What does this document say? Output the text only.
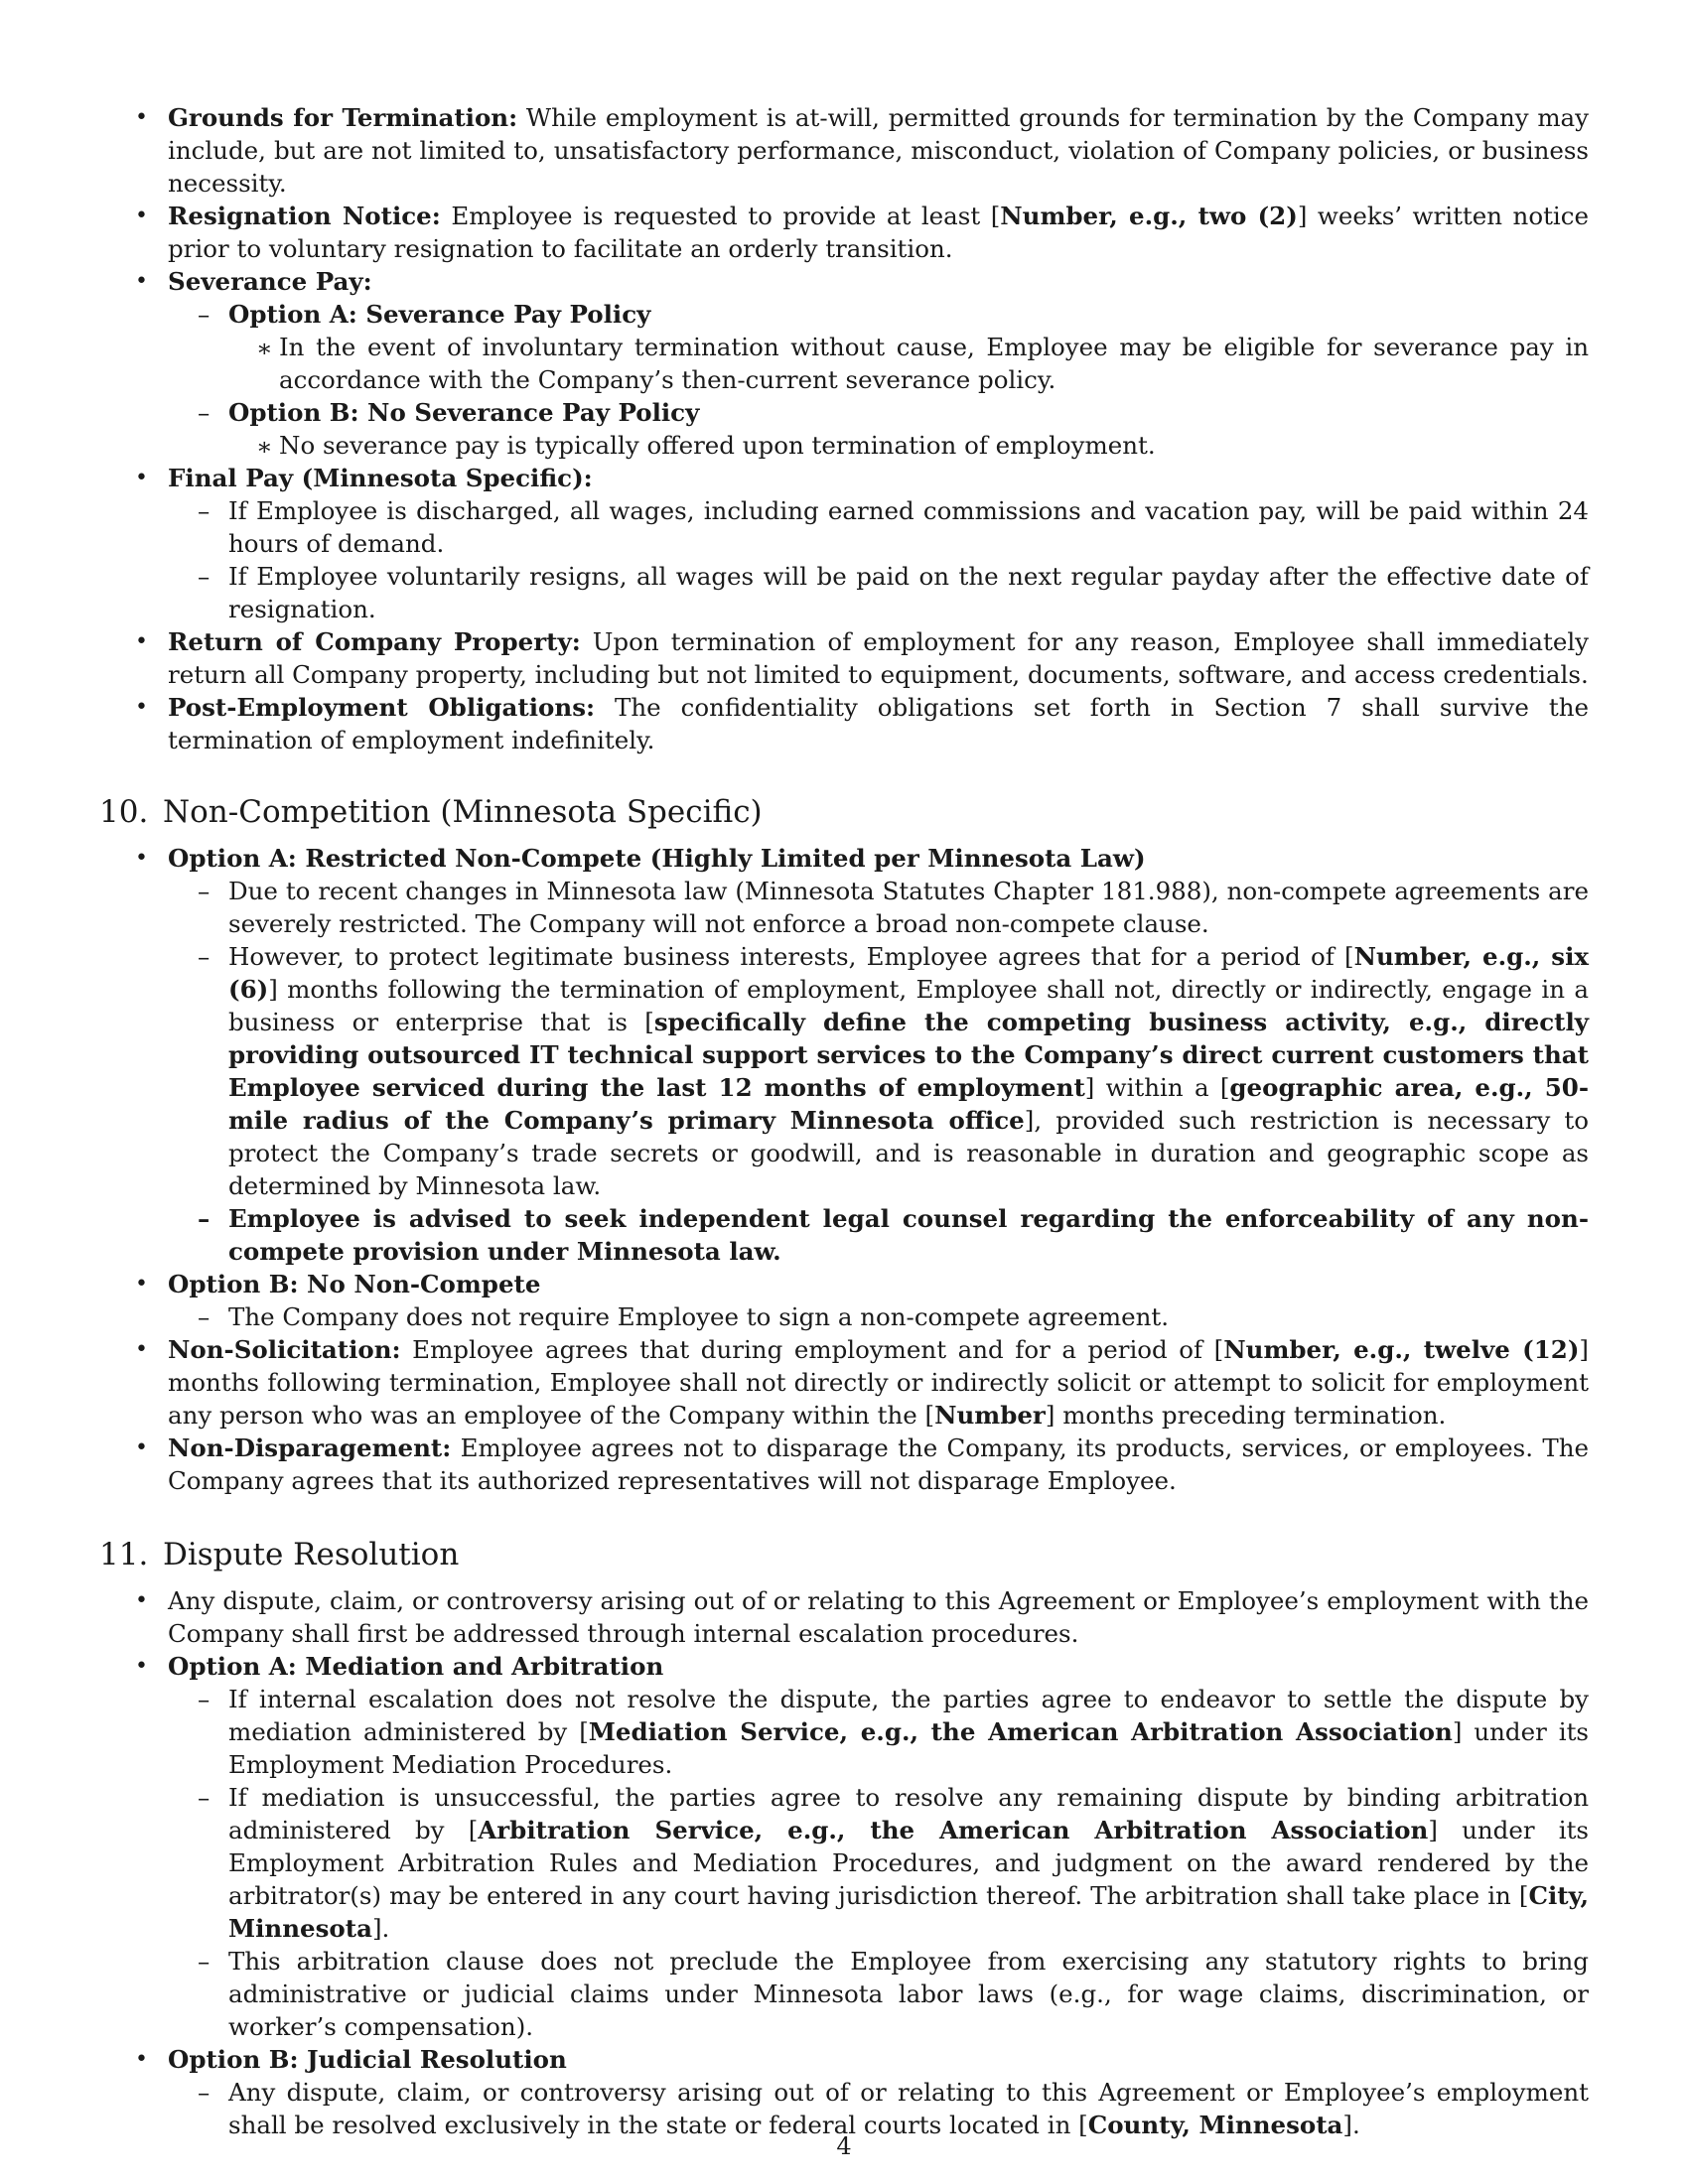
• Grounds for Termination: While employment is at-will, permitted grounds for termination by the Company may include, but are not limited to, unsatisfactory performance, misconduct, violation of Company policies, or business necessity.
• Resignation Notice: Employee is requested to provide at least [Number, e.g., two (2)] weeks’ written notice prior to voluntary resignation to facilitate an orderly transition.
• Severance Pay:
– Option A: Severance Pay Policy
∗ In the event of involuntary termination without cause, Employee may be eligible for severance pay in accordance with the Company’s then-current severance policy.
– Option B: No Severance Pay Policy
∗ No severance pay is typically offered upon termination of employment.
• Final Pay (Minnesota Specific):
– If Employee is discharged, all wages, including earned commissions and vacation pay, will be paid within 24 hours of demand.
– If Employee voluntarily resigns, all wages will be paid on the next regular payday after the effective date of resignation.
• Return of Company Property: Upon termination of employment for any reason, Employee shall immediately return all Company property, including but not limited to equipment, documents, software, and access credentials.
• Post-Employment Obligations: The confidentiality obligations set forth in Section 7 shall survive the termination of employment indefinitely.
10. Non-Competition (Minnesota Specific)
• Option A: Restricted Non-Compete (Highly Limited per Minnesota Law)
– Due to recent changes in Minnesota law (Minnesota Statutes Chapter 181.988), non-compete agreements are severely restricted. The Company will not enforce a broad non-compete clause.
– However, to protect legitimate business interests, Employee agrees that for a period of [Number, e.g., six (6)] months following the termination of employment, Employee shall not, directly or indirectly, engage in a business or enterprise that is [specifically define the competing business activity, e.g., directly providing outsourced IT technical support services to the Company’s direct current customers that Employee serviced during the last 12 months of employment] within a [geographic area, e.g., 50-mile radius of the Company’s primary Minnesota office], provided such restriction is necessary to protect the Company’s trade secrets or goodwill, and is reasonable in duration and geographic scope as determined by Minnesota law.
– Employee is advised to seek independent legal counsel regarding the enforceability of any non-compete provision under Minnesota law.
• Option B: No Non-Compete
– The Company does not require Employee to sign a non-compete agreement.
• Non-Solicitation: Employee agrees that during employment and for a period of [Number, e.g., twelve (12)] months following termination, Employee shall not directly or indirectly solicit or attempt to solicit for employment any person who was an employee of the Company within the [Number] months preceding termination.
• Non-Disparagement: Employee agrees not to disparage the Company, its products, services, or employees. The Company agrees that its authorized representatives will not disparage Employee.
11. Dispute Resolution
• Any dispute, claim, or controversy arising out of or relating to this Agreement or Employee’s employment with the Company shall first be addressed through internal escalation procedures.
• Option A: Mediation and Arbitration
– If internal escalation does not resolve the dispute, the parties agree to endeavor to settle the dispute by mediation administered by [Mediation Service, e.g., the American Arbitration Association] under its Employment Mediation Procedures.
– If mediation is unsuccessful, the parties agree to resolve any remaining dispute by binding arbitration administered by [Arbitration Service, e.g., the American Arbitration Association] under its Employment Arbitration Rules and Mediation Procedures, and judgment on the award rendered by the arbitrator(s) may be entered in any court having jurisdiction thereof. The arbitration shall take place in [City, Minnesota].
– This arbitration clause does not preclude the Employee from exercising any statutory rights to bring administrative or judicial claims under Minnesota labor laws (e.g., for wage claims, discrimination, or worker’s compensation).
• Option B: Judicial Resolution
– Any dispute, claim, or controversy arising out of or relating to this Agreement or Employee’s employment shall be resolved exclusively in the state or federal courts located in [County, Minnesota].
4
